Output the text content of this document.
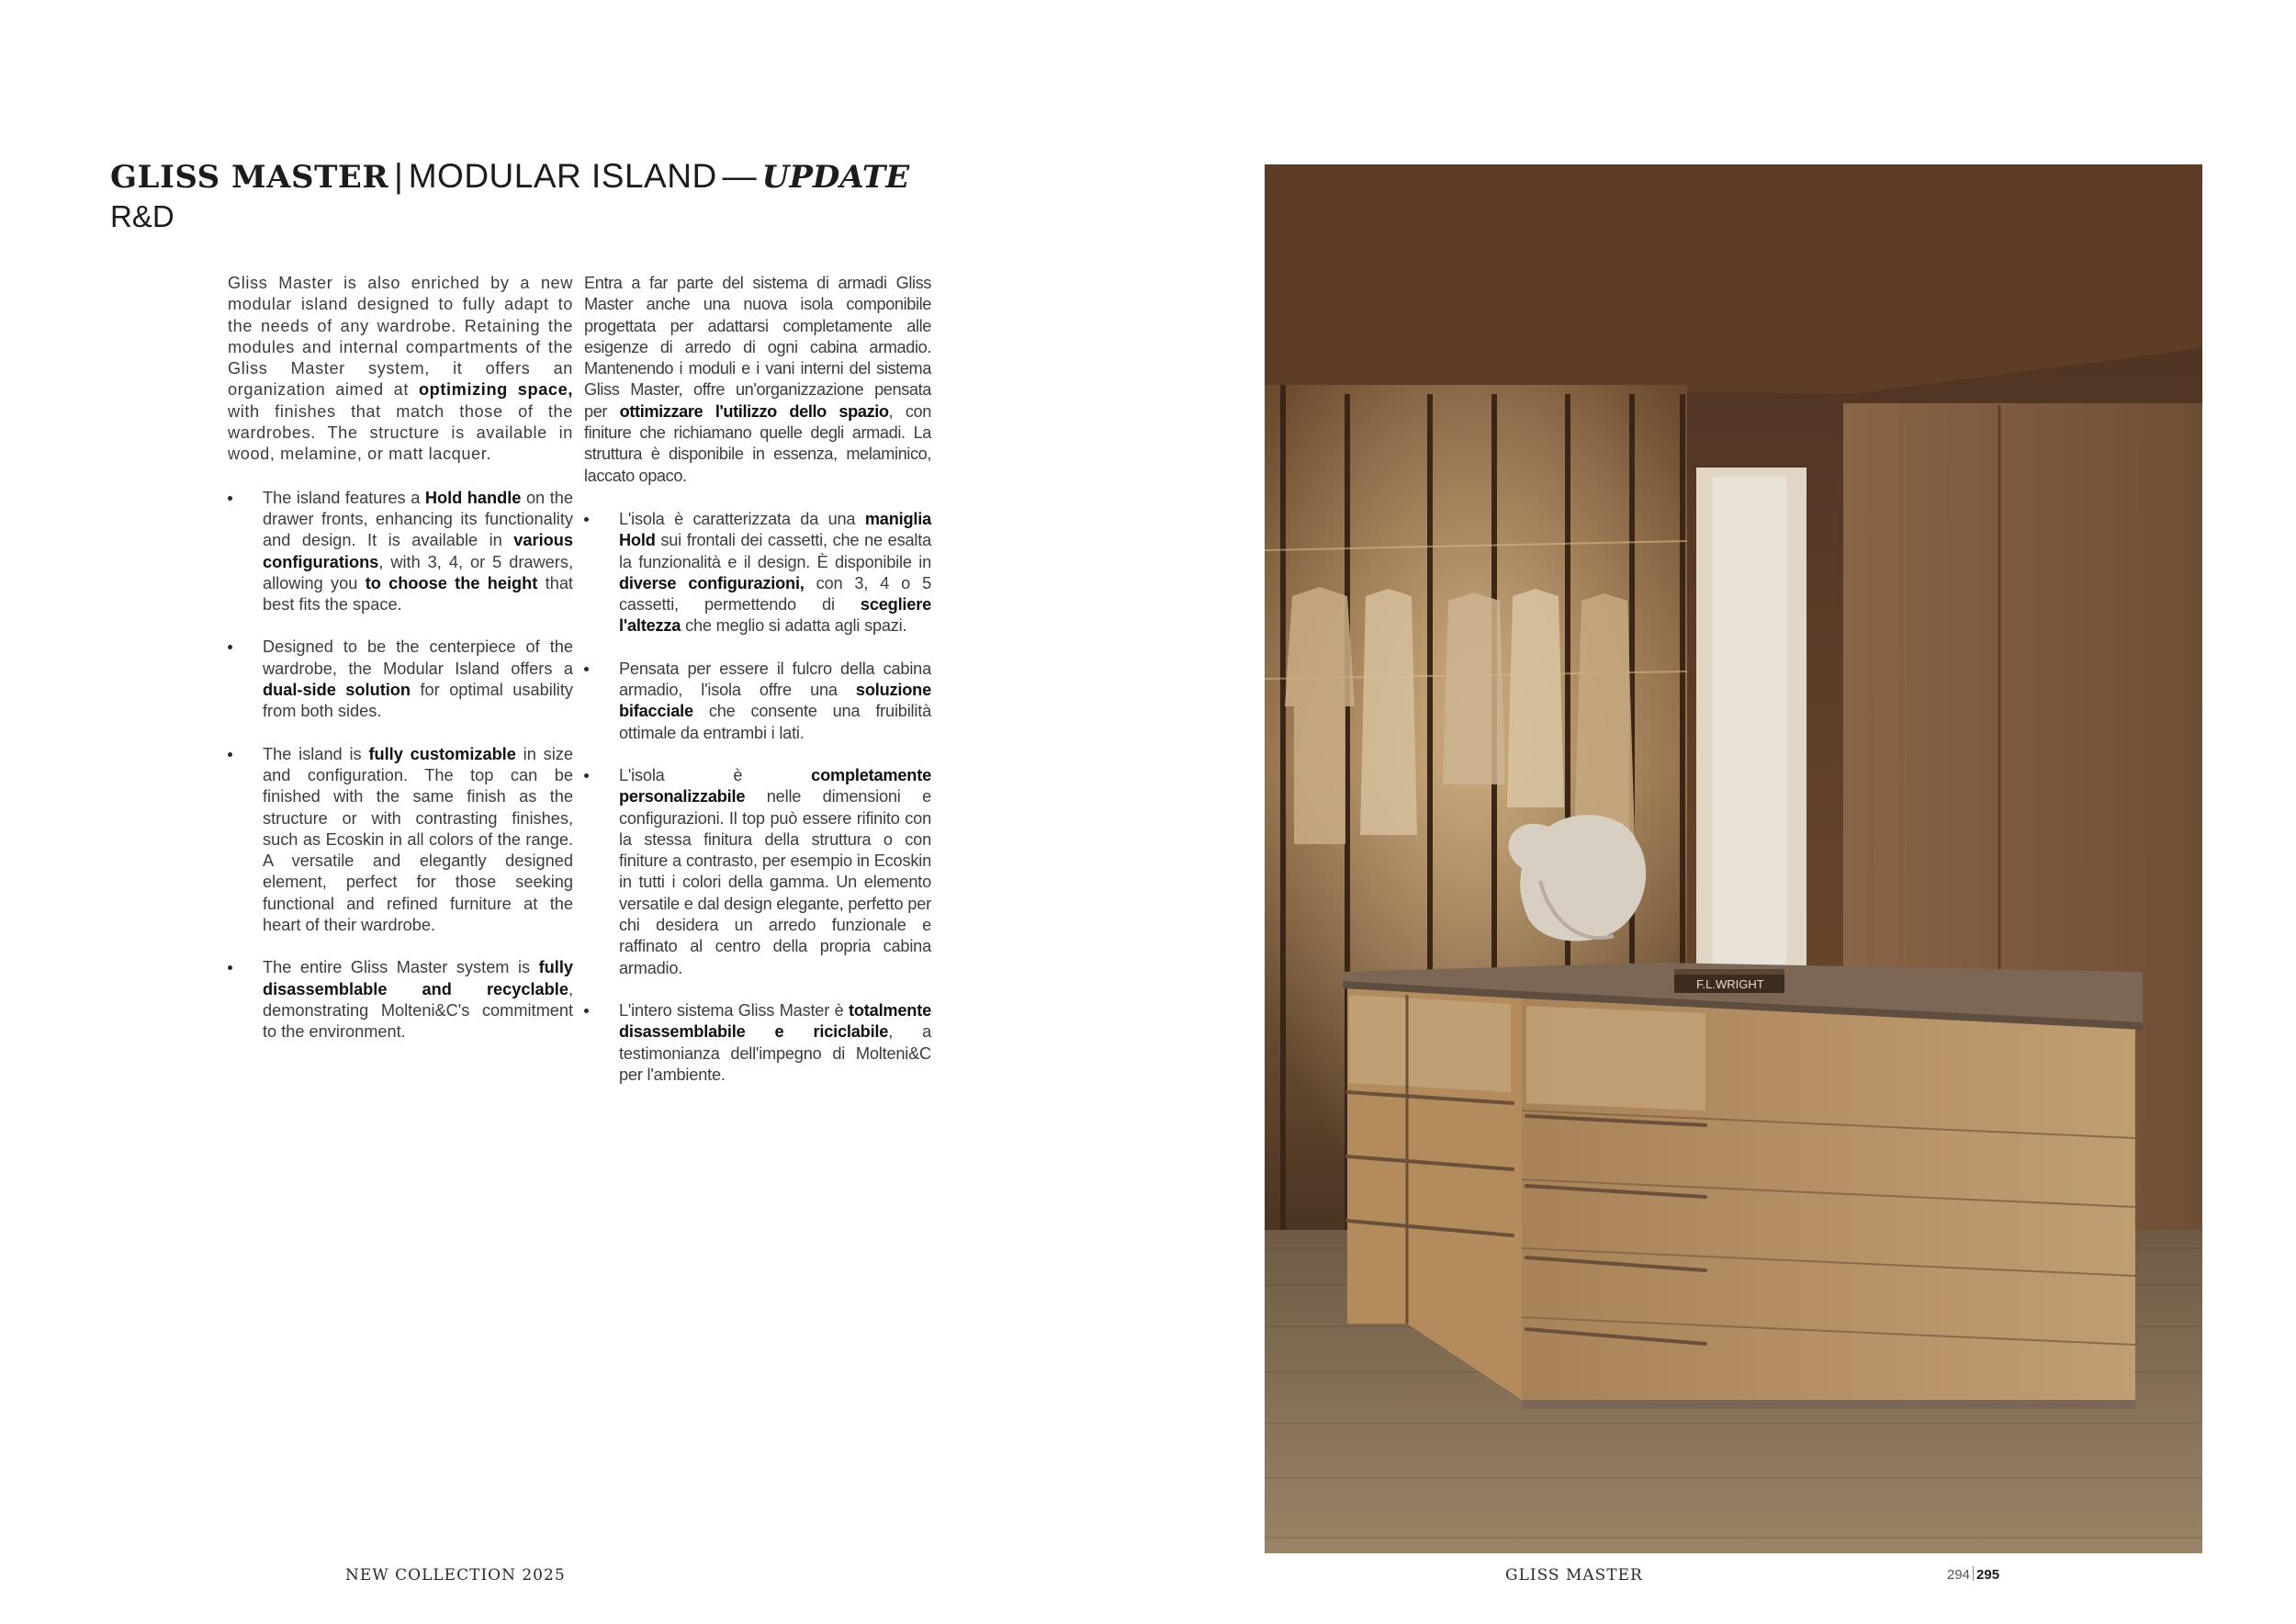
GLISS MASTER | MODULAR ISLAND — UPDATE
R&D

Gliss Master is also enriched by a new modular island designed to fully adapt to the needs of any wardrobe. Retaining the modules and internal compartments of the Gliss Master system, it offers an organization aimed at optimizing space, with finishes that match those of the wardrobes. The structure is available in wood, melamine, or matt lacquer.

The island features a Hold handle on the drawer fronts, enhancing its functionality and design. It is available in various configurations, with 3, 4, or 5 drawers, allowing you to choose the height that best fits the space.
Designed to be the centerpiece of the wardrobe, the Modular Island offers a dual-side solution for optimal usability from both sides.
The island is fully customizable in size and configuration. The top can be finished with the same finish as the structure or with contrasting finishes, such as Ecoskin in all colors of the range. A versatile and elegantly designed element, perfect for those seeking functional and refined furniture at the heart of their wardrobe.
The entire Gliss Master system is fully disassemblable and recyclable, demonstrating Molteni&C's commitment to the environment.

Entra a far parte del sistema di armadi Gliss Master anche una nuova isola componibile progettata per adattarsi completamente alle esigenze di arredo di ogni cabina armadio. Mantenendo i moduli e i vani interni del sistema Gliss Master, offre un'organizzazione pensata per ottimizzare l'utilizzo dello spazio, con finiture che richiamano quelle degli armadi. La struttura è disponibile in essenza, melaminico, laccato opaco.

L'isola è caratterizzata da una maniglia Hold sui frontali dei cassetti, che ne esalta la funzionalità e il design. È disponibile in diverse configurazioni, con 3, 4 o 5 cassetti, permettendo di scegliere l'altezza che meglio si adatta agli spazi.
Pensata per essere il fulcro della cabina armadio, l'isola offre una soluzione bifacciale che consente una fruibilità ottimale da entrambi i lati.
L'isola è completamente personalizzabile nelle dimensioni e configurazioni. Il top può essere rifinito con la stessa finitura della struttura o con finiture a contrasto, per esempio in Ecoskin in tutti i colori della gamma. Un elemento versatile e dal design elegante, perfetto per chi desidera un arredo funzionale e raffinato al centro della propria cabina armadio.
L'intero sistema Gliss Master è totalmente disassemblabile e riciclabile, a testimonianza dell'impegno di Molteni&C per l'ambiente.
F.L.WRIGHT
NEW COLLECTION 2025	GLISS MASTER	294 295
